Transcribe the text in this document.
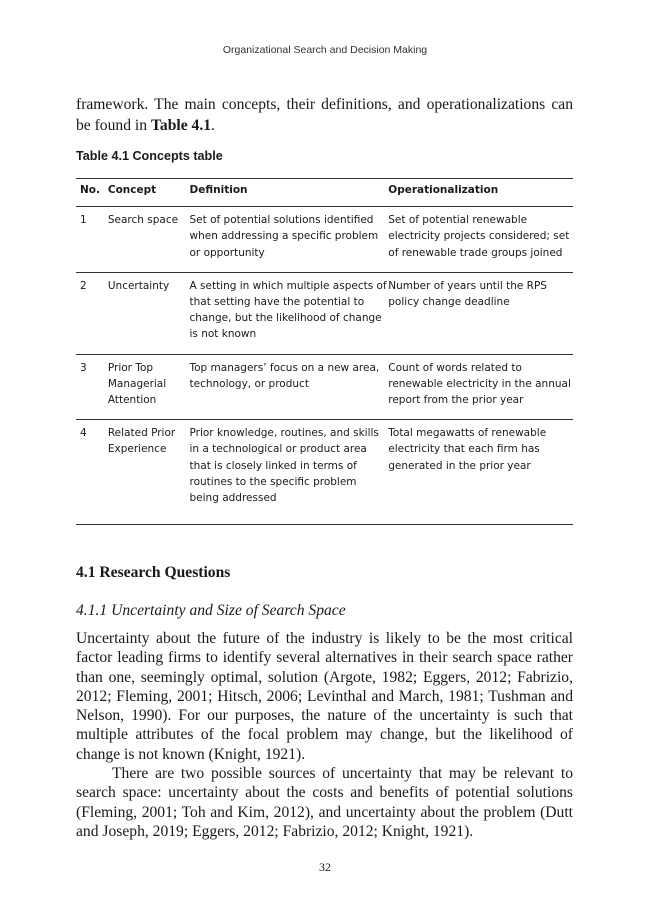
Organizational Search and Decision Making

framework. The main concepts, their definitions, and operationalizations can be found in Table 4.1.

Table 4.1 Concepts table

No.	Concept	Definition	Operationalization
1	Search space	Set of potential solutions identified when addressing a specific problem or opportunity	Set of potential renewable electricity projects considered; set of renewable trade groups joined
2	Uncertainty	A setting in which multiple aspects of that setting have the potential to change, but the likelihood of change is not known	Number of years until the RPS policy change deadline
3	Prior Top Managerial Attention	Top managers’ focus on a new area, technology, or product	Count of words related to renewable electricity in the annual report from the prior year
4	Related Prior Experience	Prior knowledge, routines, and skills in a technological or product area that is closely linked in terms of routines to the specific problem being addressed	Total megawatts of renewable electricity that each firm has generated in the prior year
4.1 Research Questions
4.1.1 Uncertainty and Size of Search Space

Uncertainty about the future of the industry is likely to be the most critical factor leading firms to identify several alternatives in their search space rather than one, seemingly optimal, solution (Argote, 1982; Eggers, 2012; Fabrizio, 2012; Fleming, 2001; Hitsch, 2006; Levinthal and March, 1981; Tushman and Nelson, 1990). For our purposes, the nature of the uncertainty is such that multiple attributes of the focal problem may change, but the likelihood of change is not known (Knight, 1921).

There are two possible sources of uncertainty that may be relevant to search space: uncertainty about the costs and benefits of potential solutions (Fleming, 2001; Toh and Kim, 2012), and uncertainty about the problem (Dutt and Joseph, 2019; Eggers, 2012; Fabrizio, 2012; Knight, 1921).

32
